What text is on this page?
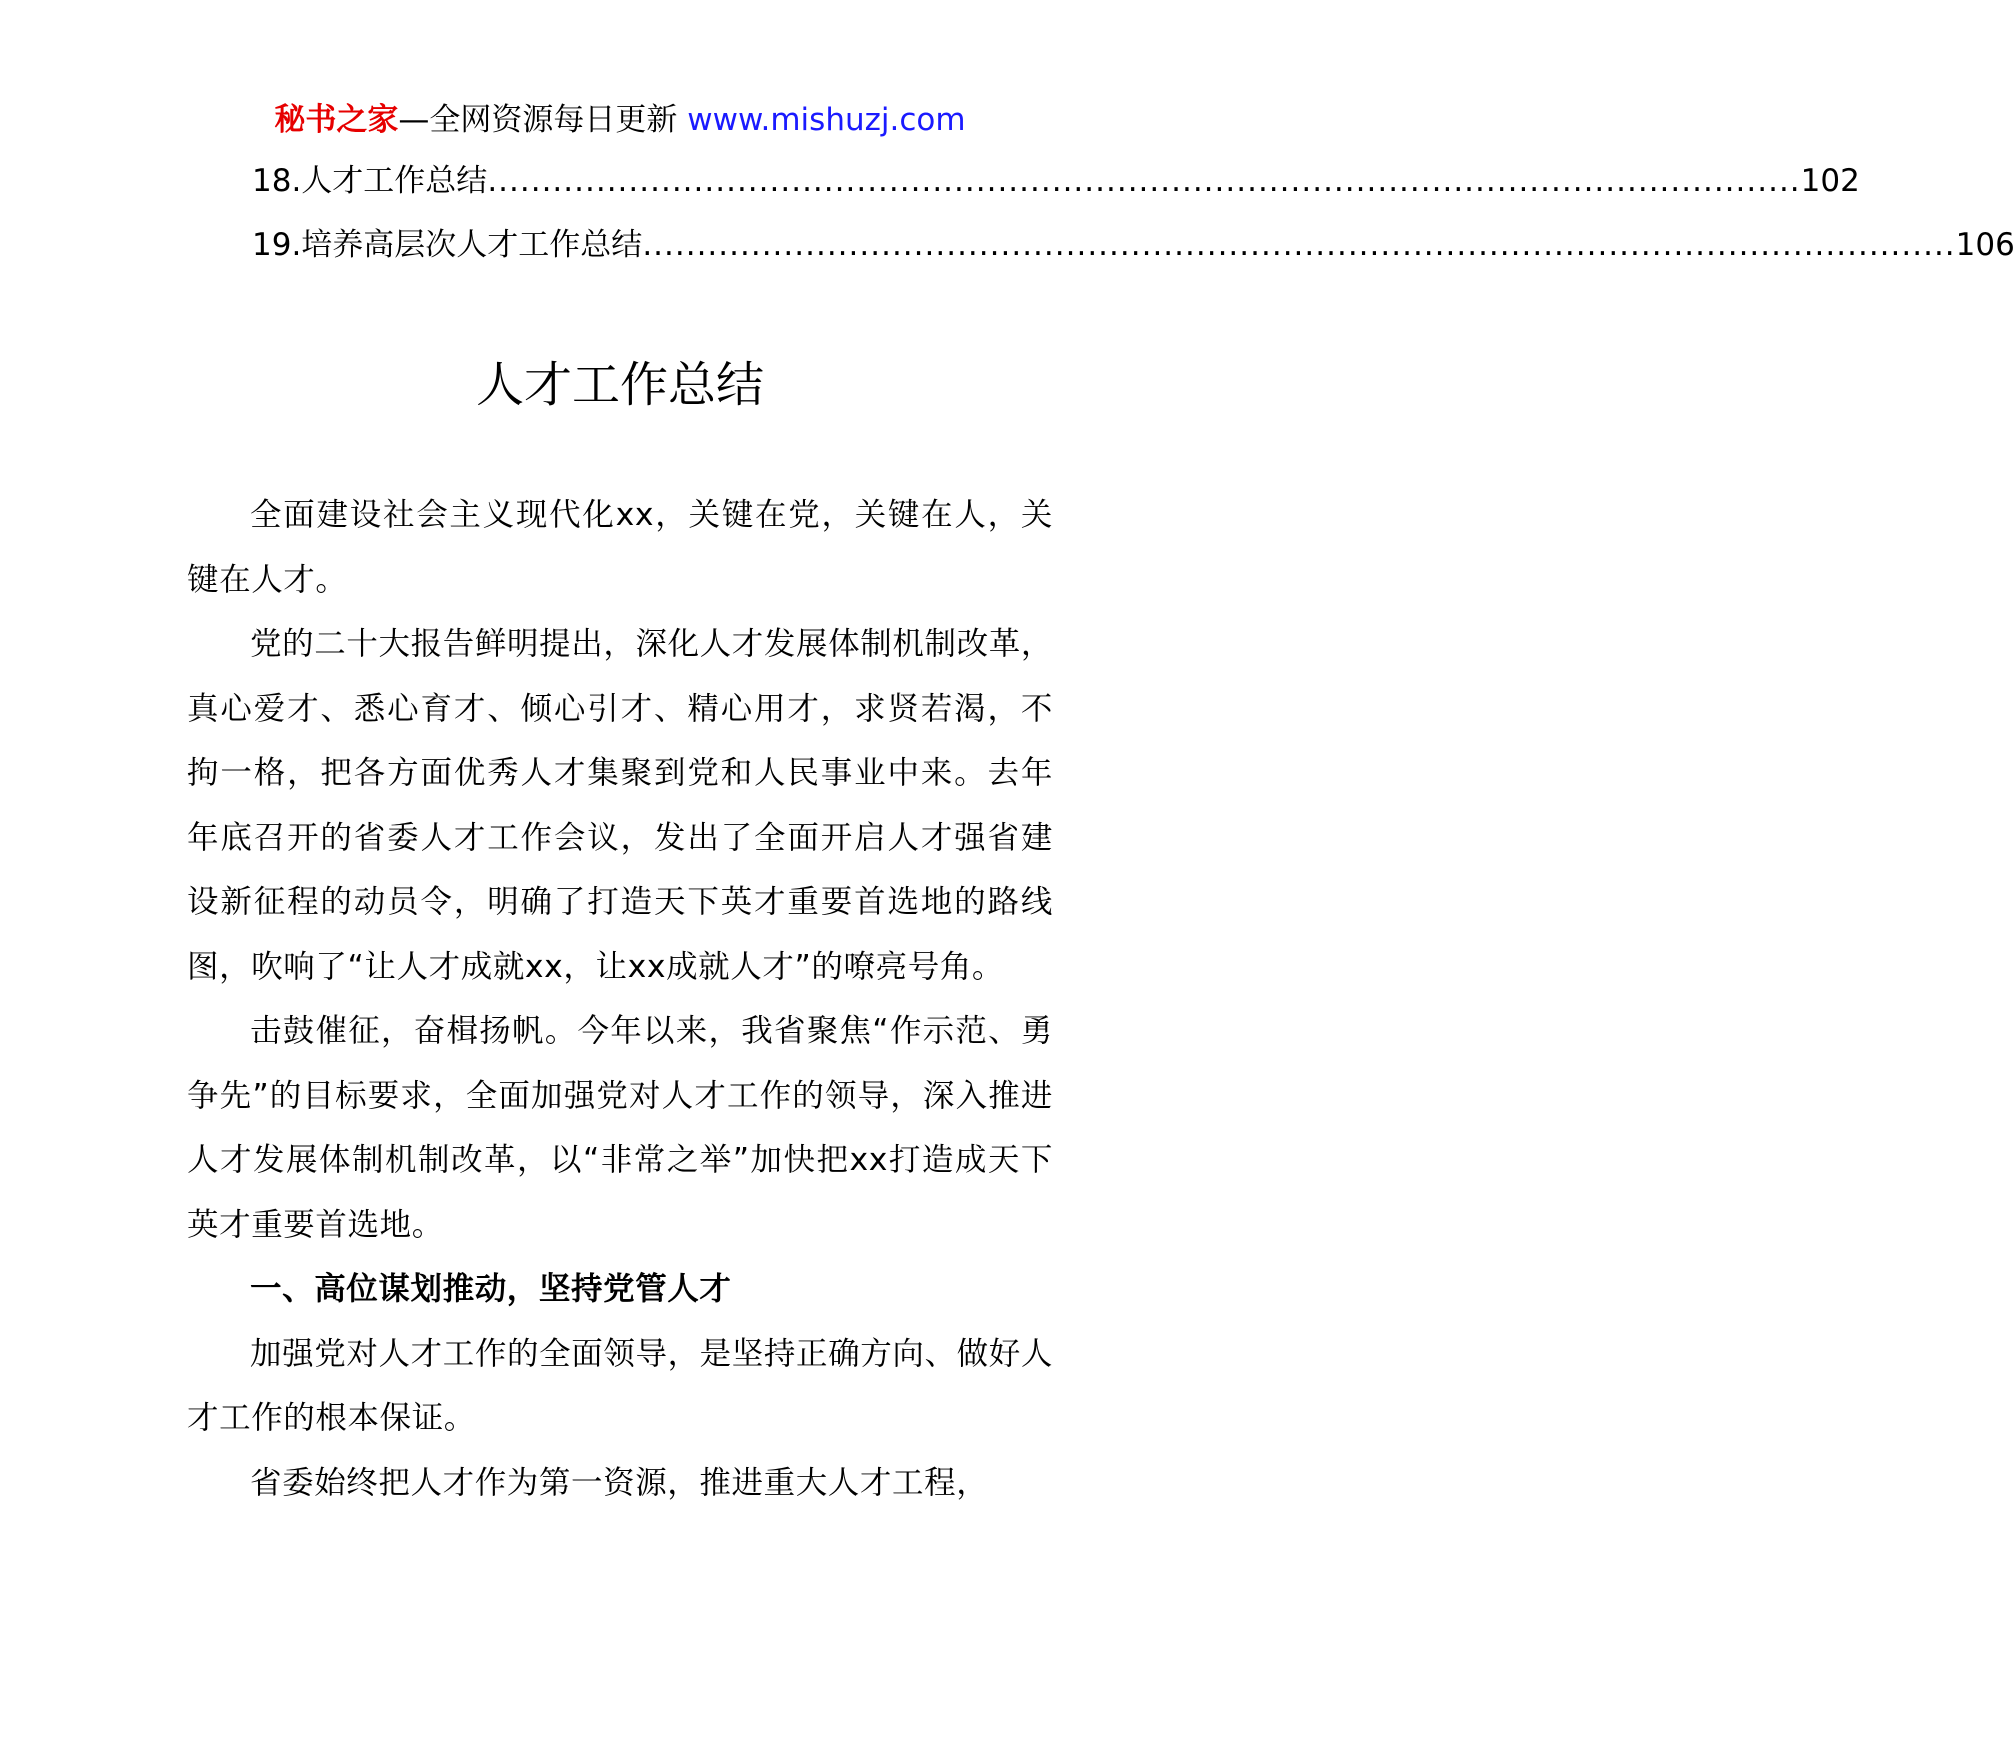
秘书之家—全网资源每日更新 www.mishuzj.com
18.人才工作总结 ......................................................................................................................... 102
19.培养高层次人才工作总结 ......................................................................................................................... 106
人才工作总结

全面建设社会主义现代化xx，关键在党，关键在人，关键在人才。

党的二十大报告鲜明提出，深化人才发展体制机制改革，真心爱才、悉心育才、倾心引才、精心用才，求贤若渴，不拘一格，把各方面优秀人才集聚到党和人民事业中来。去年年底召开的省委人才工作会议，发出了全面开启人才强省建设新征程的动员令，明确了打造天下英才重要首选地的路线图，吹响了“让人才成就xx，让xx成就人才”的嘹亮号角。

击鼓催征，奋楫扬帆。今年以来，我省聚焦“作示范、勇争先”的目标要求，全面加强党对人才工作的领导，深入推进人才发展体制机制改革，以“非常之举”加快把xx打造成天下英才重要首选地。

一、高位谋划推动，坚持党管人才

加强党对人才工作的全面领导，是坚持正确方向、做好人才工作的根本保证。

省委始终把人才作为第一资源，推进重大人才工程，
